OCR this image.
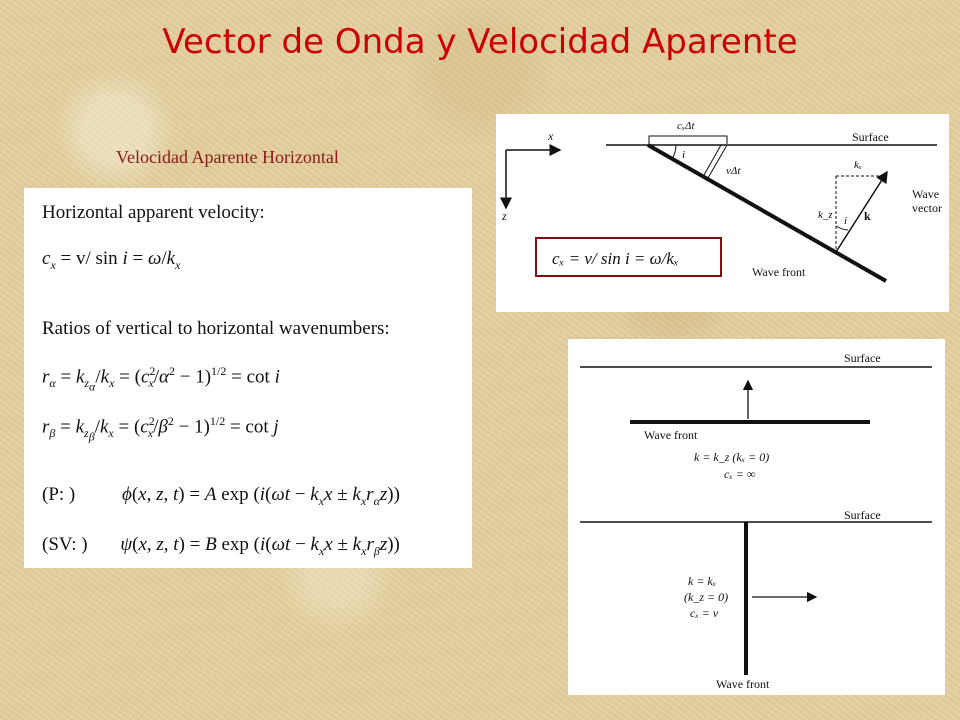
Vector de Onda y Velocidad Aparente
Velocidad Aparente Horizontal
Horizontal apparent velocity:
$c_x = v/$ $\sin i = \omega/k_x$
Ratios of vertical to horizontal wavenumbers:
$r_\alpha = k_{z_\alpha}/k_x = (c^2_x/\alpha^2 - 1)^{1/2} = \cot i$
$r_\beta = k_{z_\beta}/k_x = (c^2_x/\beta^2 - 1)^{1/2} = \cot j$
(P: ) ϕ(x, z, t) = A $\exp (i(\omega t - k_xx \pm k_xr_\alpha z))$
(SV: ) ψ(x, z, t) = B $\exp (i(\omega t - k_xx \pm k_xr_\beta z))$
x
z
Surface
cₓΔt
Wave front
i
vΔt	kₓ
k_z i k
Wave
vector
cₓ = v/ sin i = ω/kₓ
Surface
Wave front
k = k_z (kₓ = 0)
cₓ = ∞
Surface
k = kₓ
(k_z = 0)
cₓ = v
Wave front
